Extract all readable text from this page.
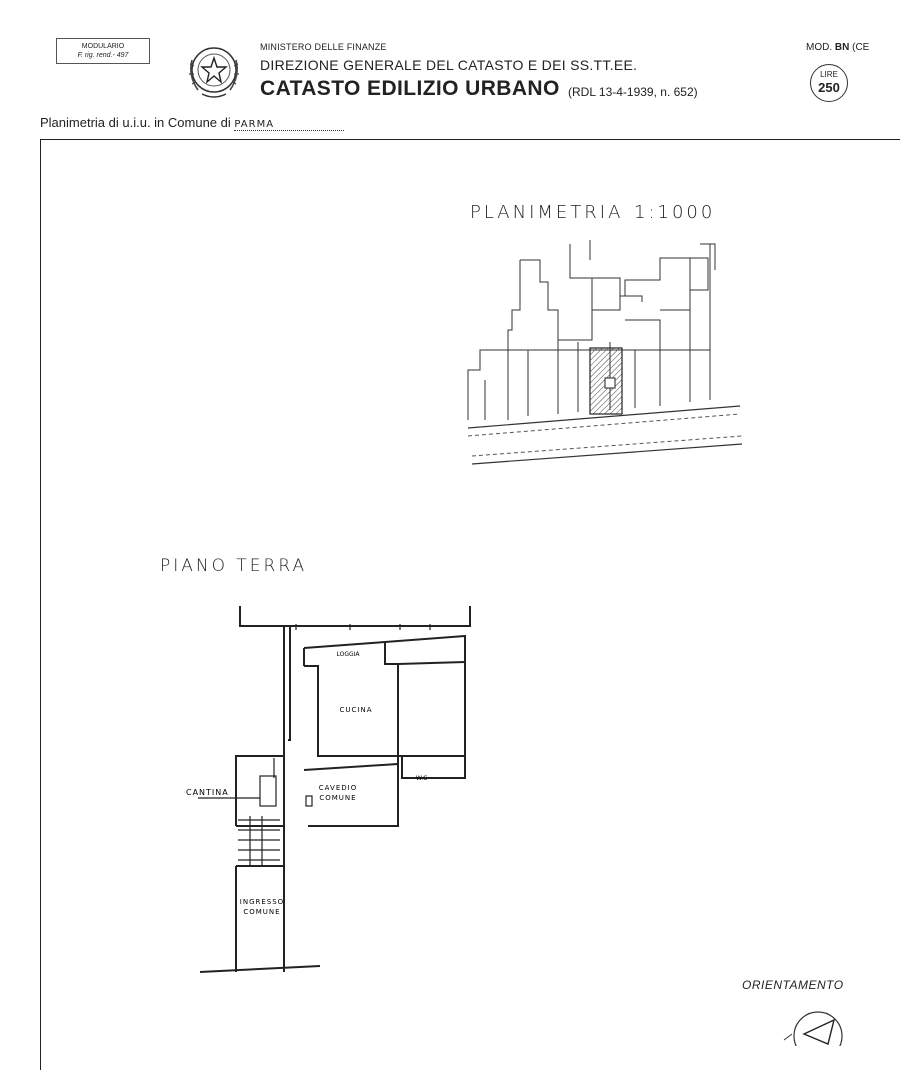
MODULARIO
F. rig. rend.- 497
MINISTERO DELLE FINANZE
DIREZIONE GENERALE DEL CATASTO E DEI SS.TT.EE.
CATASTO EDILIZIO URBANO (RDL 13-4-1939, n. 652)
MOD. BN (CE
LIRE
250
Planimetria di u.i.u. in Comune di PARMA
PLANIMETRIA 1:1000
PIANO TERRA
LOGGIA
CUCINA
CAVEDIO
COMUNE
CANTINA
W.C
INGRESSO
COMUNE
ORIENTAMENTO
